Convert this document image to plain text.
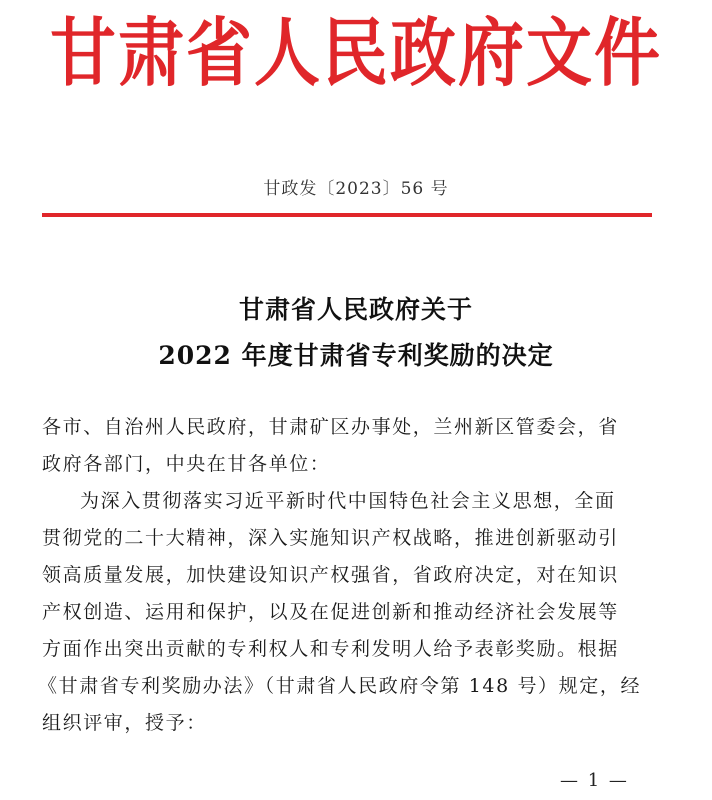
甘肃省人民政府文件
甘政发〔2023〕56 号
甘肃省人民政府关于
2022 年度甘肃省专利奖励的决定
各市、自治州人民政府，甘肃矿区办事处，兰州新区管委会，省
政府各部门，中央在甘各单位：
为深入贯彻落实习近平新时代中国特色社会主义思想，全面
贯彻党的二十大精神，深入实施知识产权战略，推进创新驱动引
领高质量发展，加快建设知识产权强省，省政府决定，对在知识
产权创造、运用和保护，以及在促进创新和推动经济社会发展等
方面作出突出贡献的专利权人和专利发明人给予表彰奖励。根据
《甘肃省专利奖励办法》（甘肃省人民政府令第 148 号）规定，经
组织评审，授予：
— 1 —
